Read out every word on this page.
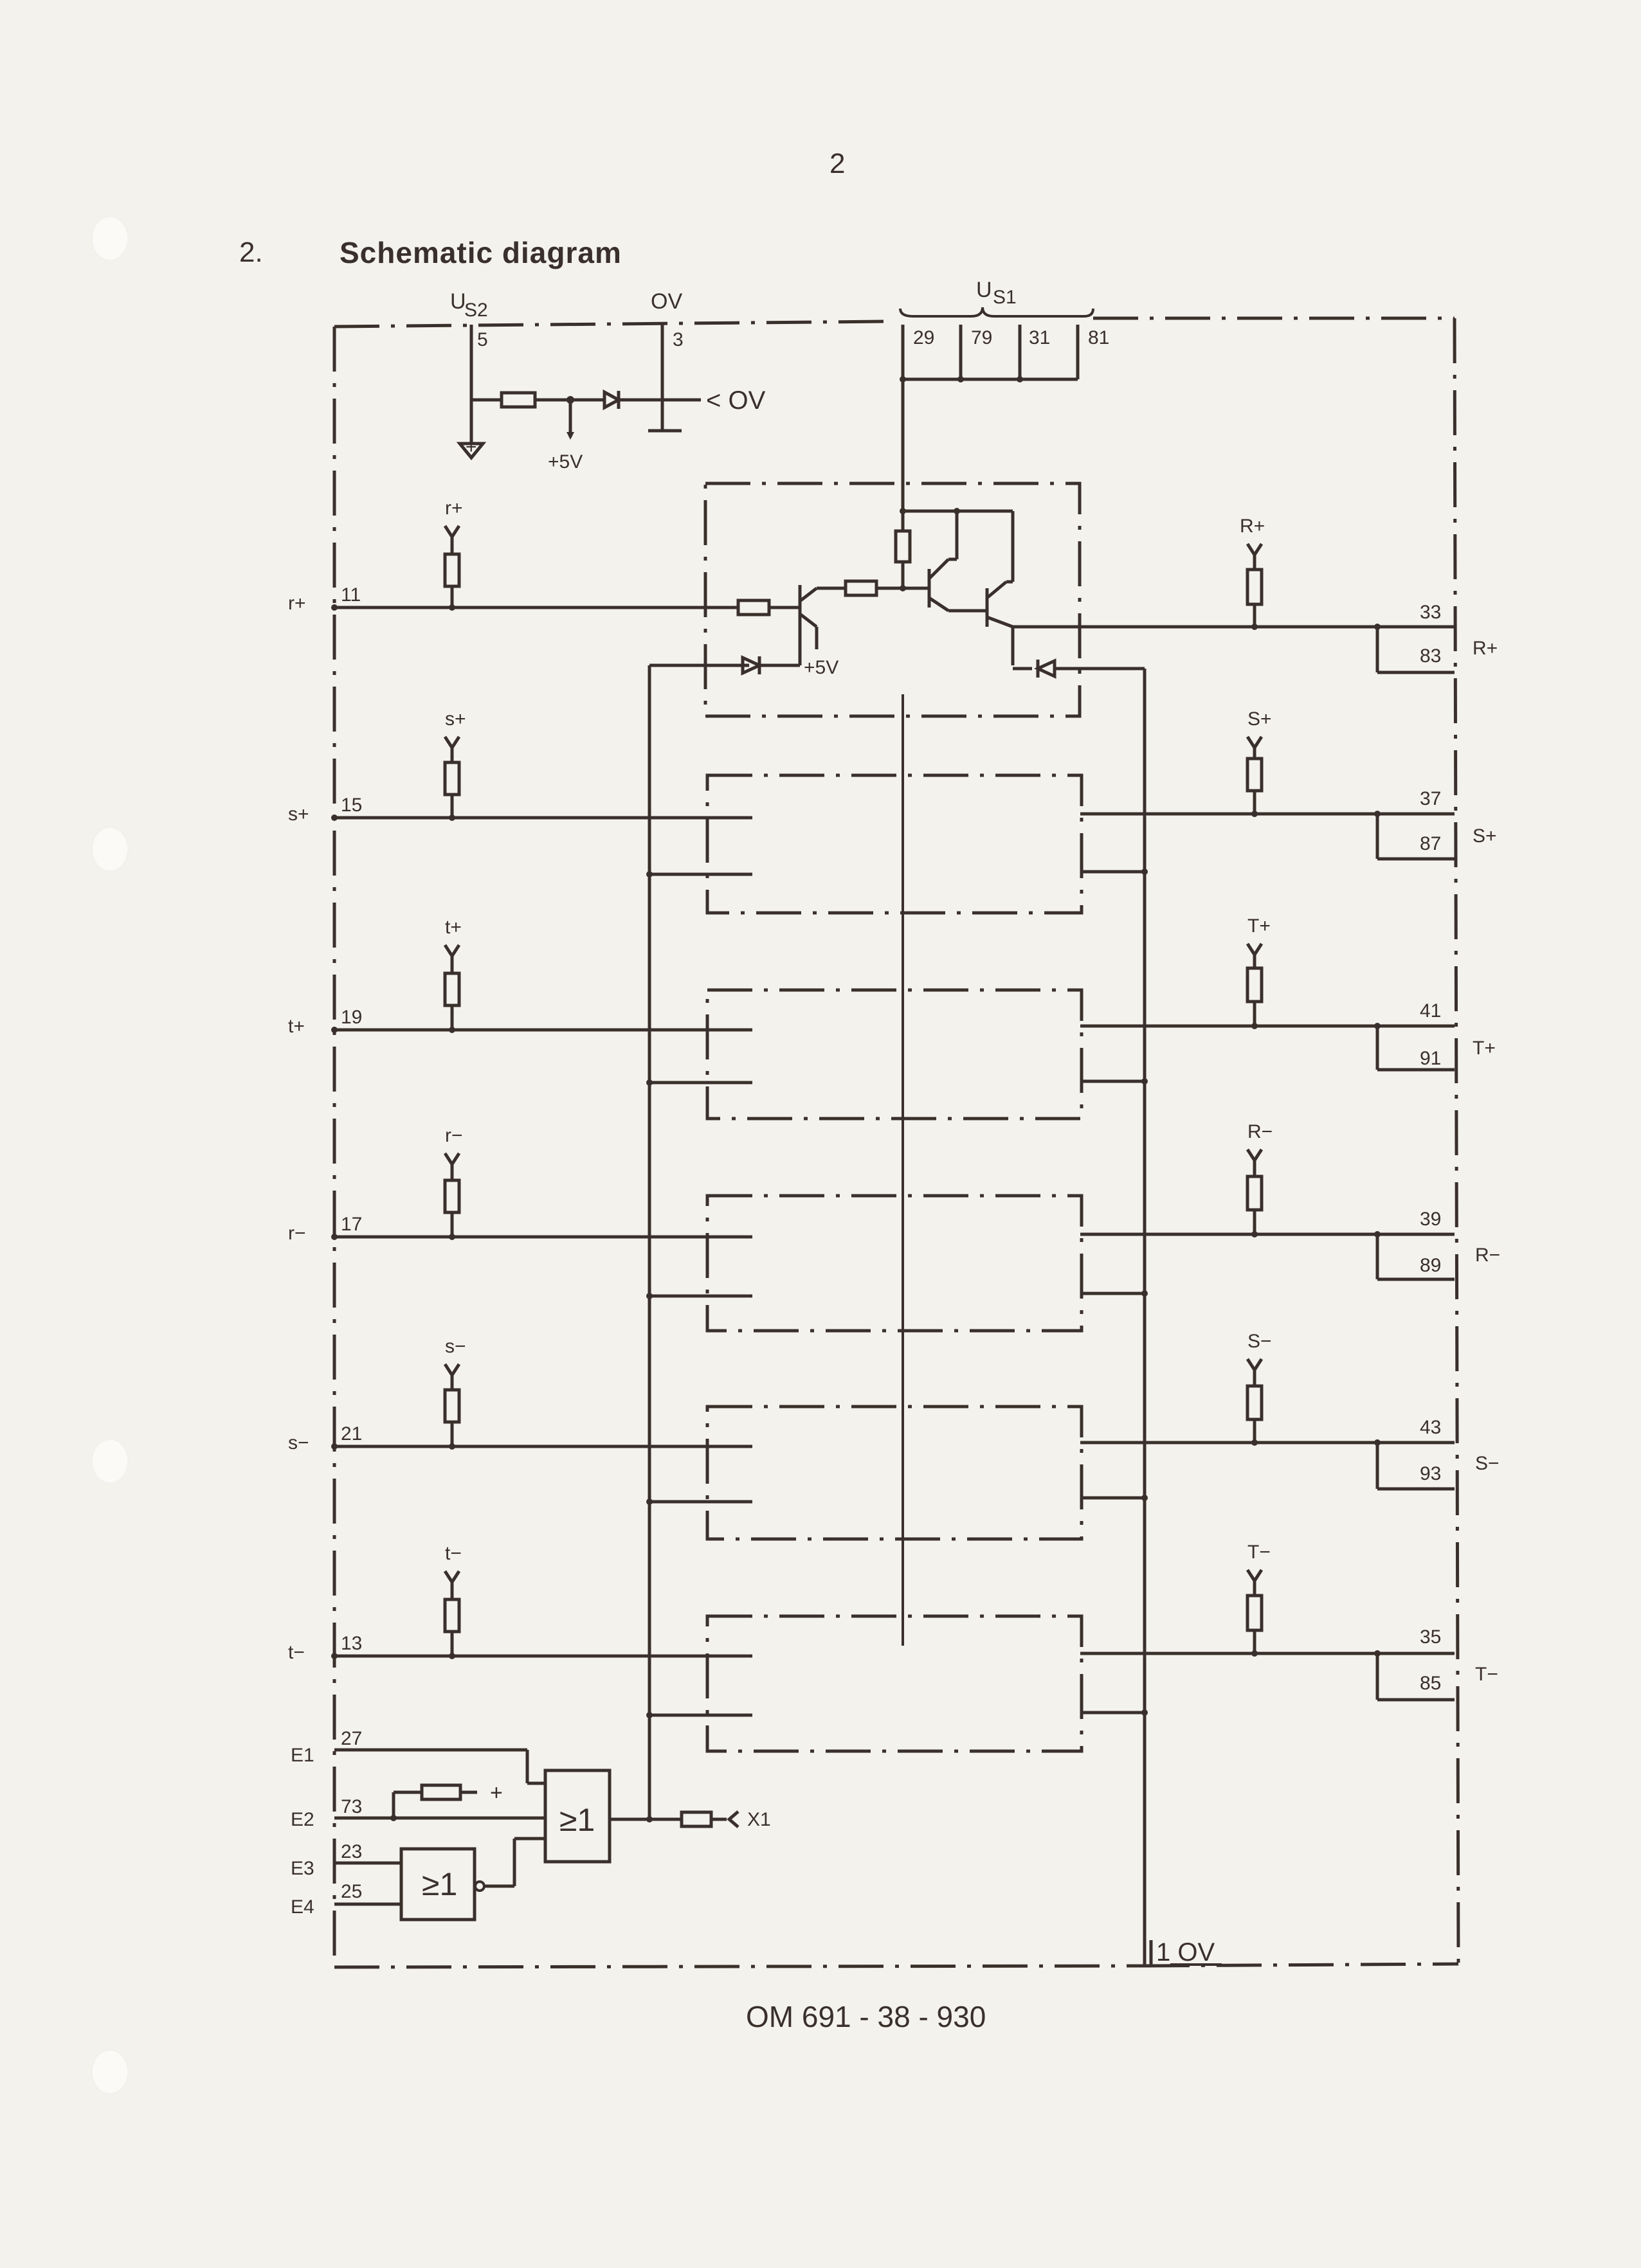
2
2.	Schematic diagram
+
< OV
+5V
U
S2
5
OV
3
U S1
29 79 31 81
+5V
r+ 11
r+
s+ 15
s+
t+ 19
t+
r− 17
r−
s− 21
s−
t− 13
t−
R+
33
83 R+
S+
37
87 S+
T+
41
91 T+
R−
39
89 R−
S−
43
93 S−
T−
35
85 T−
E1
27
E2
73
+
E3
23
E4
25 ≥1
≥1	X1
1 OV
OM 691 - 38 - 930
